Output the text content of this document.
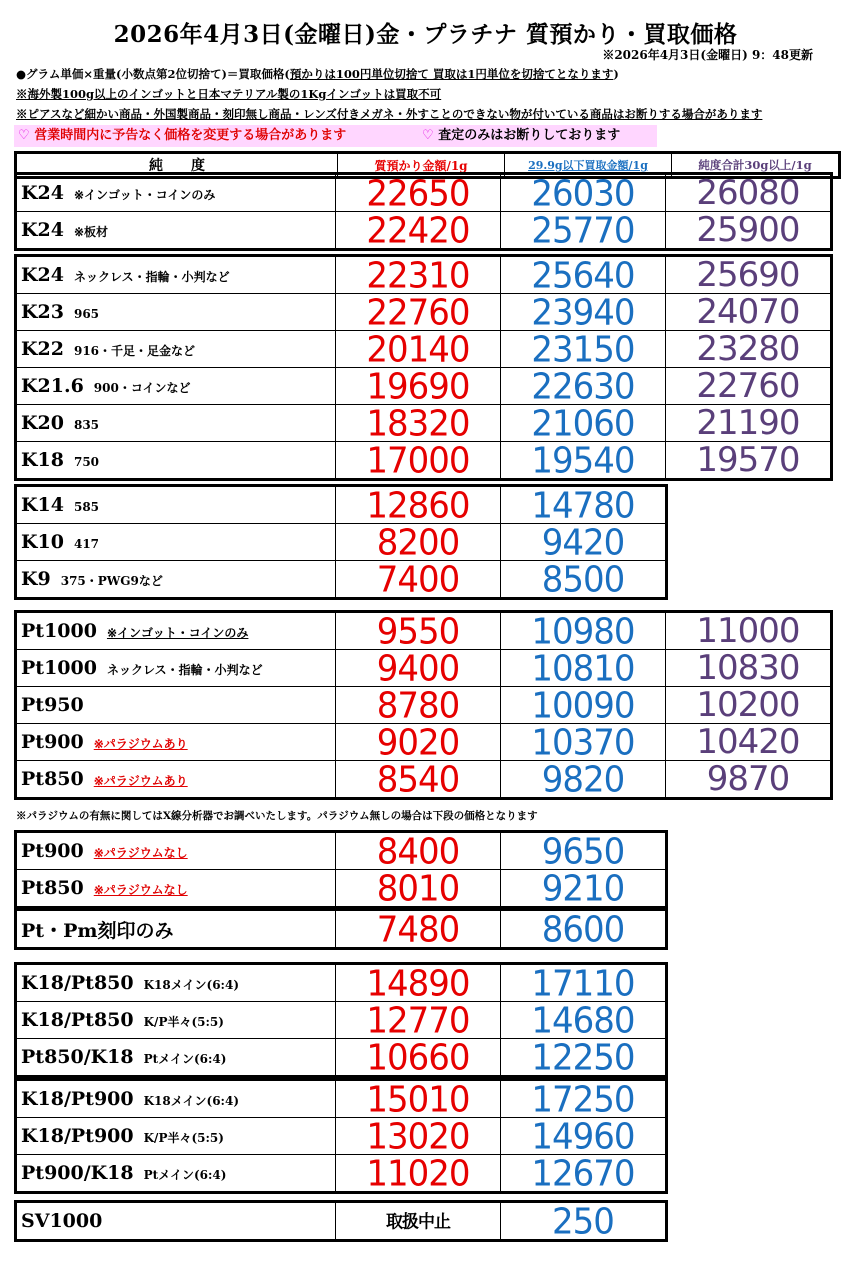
2026年4月3日(金曜日)金・プラチナ 質預かり・買取価格
※2026年4月3日(金曜日) 9：48更新
●グラム単価×重量(小数点第2位切捨て)＝買取価格(預かりは100円単位切捨て 買取は1円単位を切捨てとなります)
※海外製100g以上のインゴットと日本マテリアル製の1Kgインゴットは買取不可
※ピアスなど細かい商品・外国製商品・刻印無し商品・レンズ付きメガネ・外すことのできない物が付いている商品はお断りする場合があります
♡ 営業時間内に予告なく価格を変更する場合があります	♡ 査定のみはお断りしております
純　　度	質預かり金額/1g	29.9g以下買取金額/1g	純度合計30g以上/1g
K24 ※インゴット・コインのみ	22650	26030	26080
K24 ※板材	22420	25770	25900
K24 ネックレス・指輪・小判など	22310	25640	25690
K23 965	22760	23940	24070
K22 916・千足・足金など	20140	23150	23280
K21.6 900・コインなど	19690	22630	22760
K20 835	18320	21060	21190
K18 750	17000	19540	19570
K14 585	12860	14780
K10 417	8200	9420
K9 375・PWG9など	7400	8500
Pt1000 ※インゴット・コインのみ	9550	10980	11000
Pt1000 ネックレス・指輪・小判など	9400	10810	10830
Pt950	8780	10090	10200
Pt900 ※パラジウムあり	9020	10370	10420
Pt850 ※パラジウムあり	8540	9820	9870
Pt900 ※パラジウムなし	8400	9650
Pt850 ※パラジウムなし	8010	9210
Pt・Pm刻印のみ	7480	8600
K18/Pt850 K18メイン(6:4)	14890	17110
K18/Pt850 K/P半々(5:5)	12770	14680
Pt850/K18 Ptメイン(6:4)	10660	12250
K18/Pt900 K18メイン(6:4)	15010	17250
K18/Pt900 K/P半々(5:5)	13020	14960
Pt900/K18 Ptメイン(6:4)	11020	12670
SV1000	取扱中止	250
※パラジウムの有無に関してはX線分析器でお調べいたします。パラジウム無しの場合は下段の価格となります
